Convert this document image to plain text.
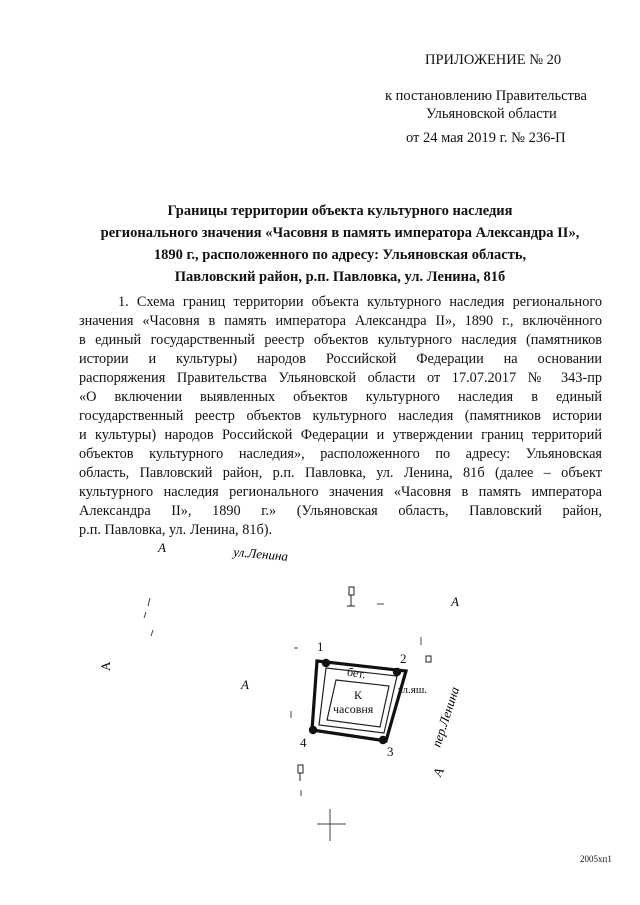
ПРИЛОЖЕНИЕ № 20
к постановлению Правительства
Ульяновской области
от 24 мая 2019 г. № 236-П
Границы территории объекта культурного наследия
регионального значения «Часовня в память императора Александра II»,
1890 г., расположенного по адресу: Ульяновская область,
Павловский район, р.п. Павловка, ул. Ленина, 81б
1. Схема границ территории объекта культурного наследия регионального
значения «Часовня в память императора Александра II», 1890 г., включённого
в единый государственный реестр объектов культурного наследия (памятников
истории и культуры) народов Российской Федерации на основании
распоряжения Правительства Ульяновской области от 17.07.2017 № 343-пр
«О включении выявленных объектов культурного наследия в единый
государственный реестр объектов культурного наследия (памятников истории
и культуры) народов Российской Федерации и утверждении границ территорий
объектов культурного наследия», расположенного по адресу: Ульяновская
область, Павловский район, р.п. Павловка, ул. Ленина, 81б (далее – объект
культурного наследия регионального значения «Часовня в память императора
Александра II», 1890 г.» (Ульяновская область, Павловский район,
р.п. Павловка, ул. Ленина, 81б).
А
А
пер.Ленина
ул.Ленина
А
А
А
1
2
3
4
бет.
К
часовня
эл.яш.
2005хп1
